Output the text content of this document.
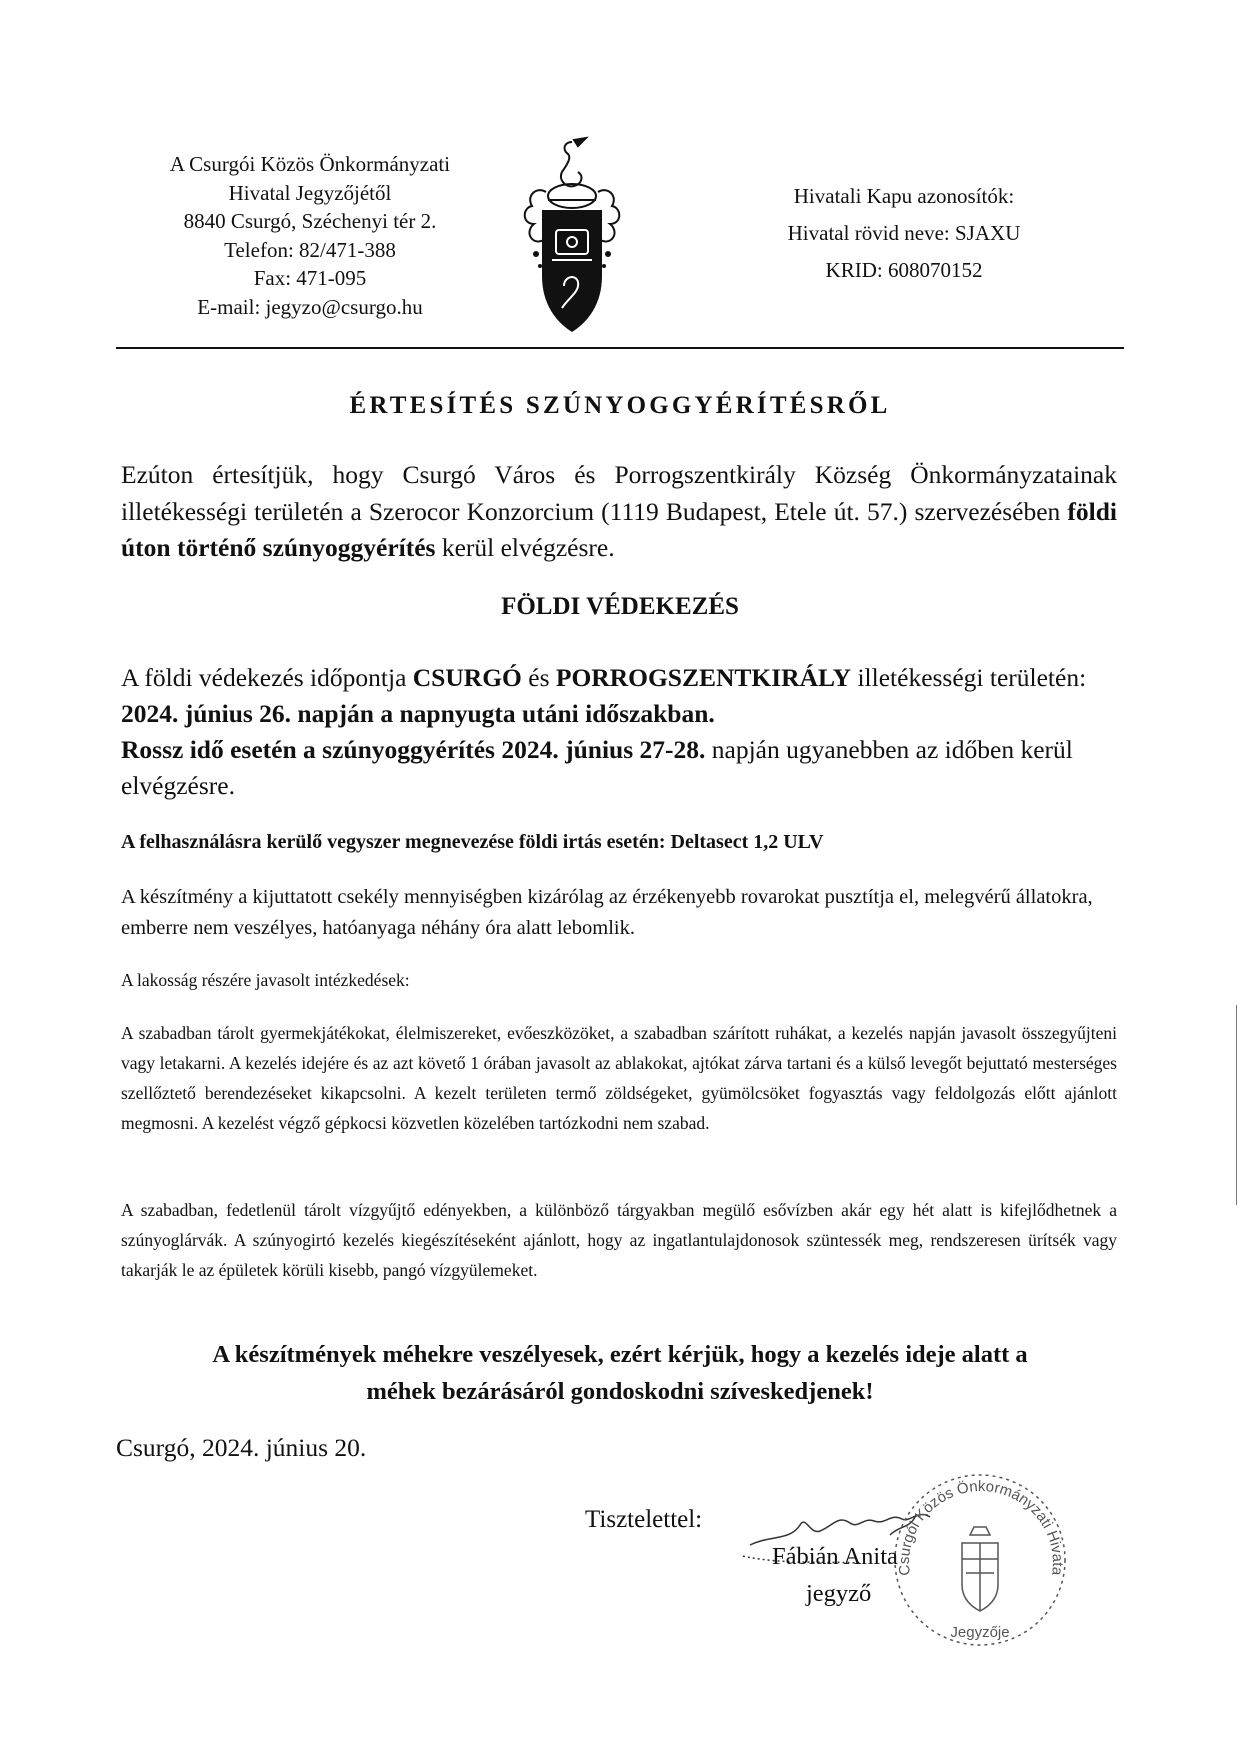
A Csurgói Közös Önkormányzati
Hivatal Jegyzőjétől
8840 Csurgó, Széchenyi tér 2.
Telefon: 82/471-388
Fax: 471-095
E-mail: jegyzo@csurgo.hu
Hivatali Kapu azonosítók:
Hivatal rövid neve: SJAXU
KRID: 608070152
ÉRTESÍTÉS SZÚNYOGGYÉRÍTÉSRŐL
Ezúton értesítjük, hogy Csurgó Város és Porrogszentkirály Község Önkormányzatainak illetékességi területén a Szerocor Konzorcium (1119 Budapest, Etele út. 57.) szervezésében földi úton történő szúnyoggyérítés kerül elvégzésre.
FÖLDI VÉDEKEZÉS
A földi védekezés időpontja CSURGÓ és PORROGSZENTKIRÁLY illetékességi területén: 2024. június 26. napján a napnyugta utáni időszakban.
Rossz idő esetén a szúnyoggyérítés 2024. június 27-28. napján ugyanebben az időben kerül elvégzésre.
A felhasználásra kerülő vegyszer megnevezése földi irtás esetén: Deltasect 1,2 ULV
A készítmény a kijuttatott csekély mennyiségben kizárólag az érzékenyebb rovarokat pusztítja el, melegvérű állatokra, emberre nem veszélyes, hatóanyaga néhány óra alatt lebomlik.
A lakosság részére javasolt intézkedések:
A szabadban tárolt gyermekjátékokat, élelmiszereket, evőeszközöket, a szabadban szárított ruhákat, a kezelés napján javasolt összegyűjteni vagy letakarni. A kezelés idejére és az azt követő 1 órában javasolt az ablakokat, ajtókat zárva tartani és a külső levegőt bejuttató mesterséges szellőztető berendezéseket kikapcsolni. A kezelt területen termő zöldségeket, gyümölcsöket fogyasztás vagy feldolgozás előtt ajánlott megmosni. A kezelést végző gépkocsi közvetlen közelében tartózkodni nem szabad.
A szabadban, fedetlenül tárolt vízgyűjtő edényekben, a különböző tárgyakban megülő esővízben akár egy hét alatt is kifejlődhetnek a szúnyoglárvák. A szúnyogirtó kezelés kiegészítéseként ajánlott, hogy az ingatlantulajdonosok szüntessék meg, rendszeresen ürítsék vagy takarják le az épületek körüli kisebb, pangó vízgyülemeket.
A készítmények méhekre veszélyesek, ezért kérjük, hogy a kezelés ideje alatt a
méhek bezárásáról gondoskodni szíveskedjenek!
Csurgó, 2024. június 20.
Tisztelettel:
Csurgói Közös Önkormányzati Hivata
Jegyzője
Fábián Anita
jegyző
